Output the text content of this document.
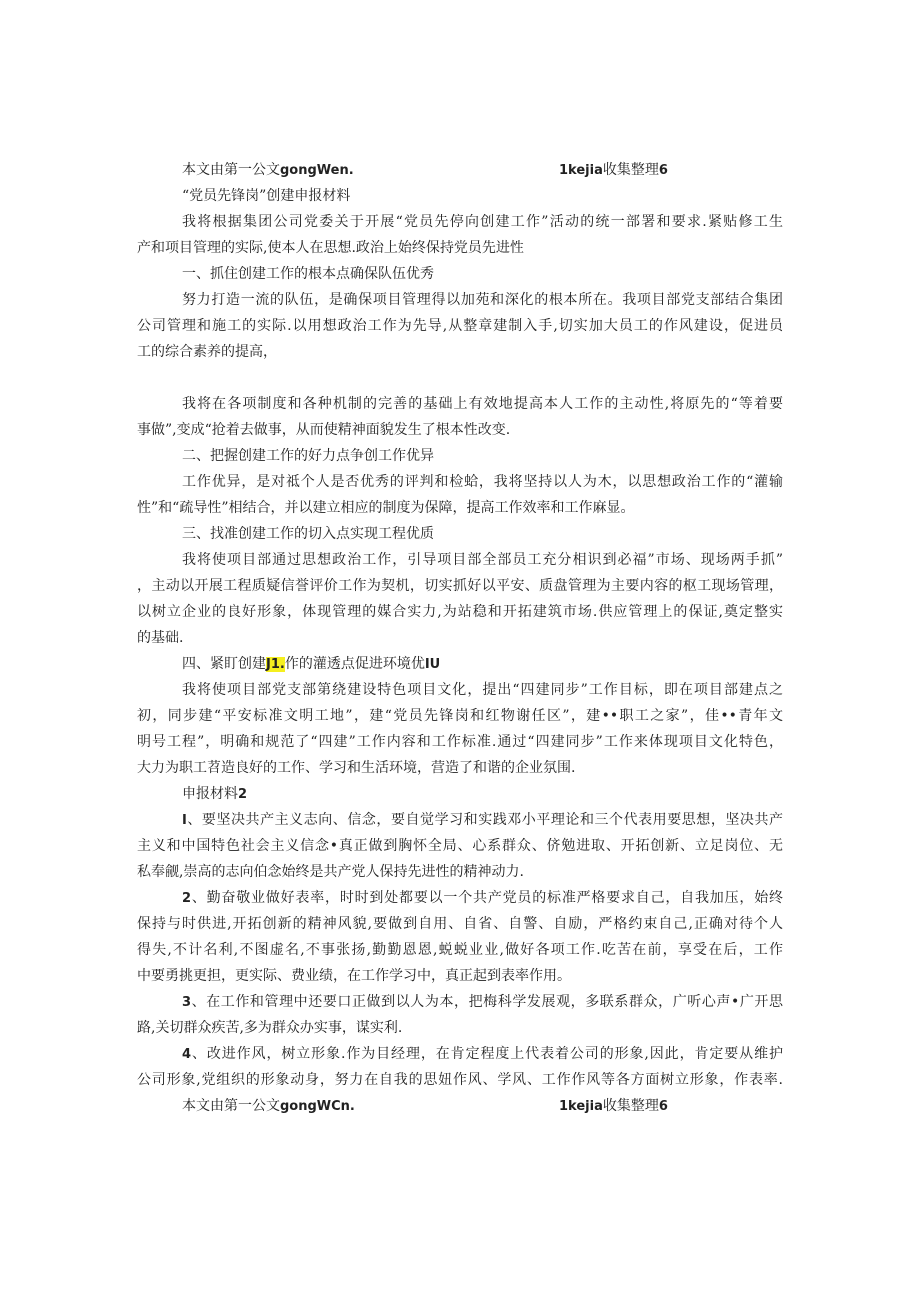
本文由第一公文gongWen.	1kejia收集整理6
“党员先锋岗”创建申报材料
我将根据集团公司党委关于开展“党员先停向创建工作”活动的统一部署和要求.紧贴修工生
产和项目管理的实际,使本人在思想.政治上始终保持党员先进性
一、抓住创建工作的根本点确保队伍优秀
努力打造一流的队伍，是确保项目管理得以加苑和深化的根本所在。我项目部党支部结合集团
公司管理和施工的实际.以用想政治工作为先导,从整章建制入手,切实加大员工的作风建设，促进员
工的综合素养的提高，
我将在各项制度和各种机制的完善的基础上有效地提高本人工作的主动性,将原先的“等着要
事做”,变成“抢着去做事，从而使精神面貌发生了根本性改变.
二、把握创建工作的好力点争创工作优异
工作优异，是对祗个人是否优秀的评判和检蛤，我将坚持以人为木，以思想政治工作的“灌输
性”和“疏导性”相结合，并以建立相应的制度为保障，提高工作效率和工作麻显。
三、找准创建工作的切入点实现工程优质
我将使项目部通过思想政治工作，引导项目部全部员工充分相识到必福”市场、现场两手抓”
，主动以开展工程质疑信誉评价工作为契机，切实抓好以平安、质盘管理为主要内容的枢工现场管理，
以树立企业的良好形象，体现管理的媒合实力,为站稳和开拓建筑市场.供应管理上的保证,奠定整实
的基础.
四、紧盯创建J1.作的灌透点促进环境优IU
我将使项目部党支部第绕建设特色项目文化，提出“四建同步”工作目标，即在项目部建点之
初，同步建“平安标准文明工地”，建“党员先锋岗和红物谢任区”，建••职工之家”，佳••青年文
明号工程”，明确和规范了“四建”工作内容和工作标准.通过“四建同步”工作来体现项目文化特色，
大力为职工苕造良好的工作、学习和生活环境，营造了和谐的企业氛围.
申报材料2
I、要坚决共产主义志向、信念，要自觉学习和实践邓小平理论和三个代表用要思想，坚决共产
主义和中国特色社会主义信念•真正做到胸怀全局、心系群众、侪勉进取、开拓创新、立足岗位、无
私奉觎,崇高的志向伯念始终是共产党人保持先进性的精神动力.
2、勤奋敬业做好表率，时时到处都要以一个共产党员的标准严格要求自己，自我加压，始终
保持与时供进,开拓创新的精神风貌,要做到自用、自省、自警、自励，严格约束自己,正确对待个人
得失,不计名利,不图虚名,不事张扬,勤勤恩恩,蜕蜕业业,做好各项工作.吃苦在前，享受在后，工作
中要勇挑更担，更实际、费业绩，在工作学习中，真正起到表率作用。
3、在工作和管理中还要口正做到以人为本，把梅科学发展观，多联系群众，广听心声•广开思
路,关切群众疾苦,多为群众办实事，谋实利.
4、改进作风，树立形象.作为目经理，在肯定程度上代表着公司的形象,因此，肯定要从维护
公司形象,党组织的形象动身，努力在自我的思妞作风、学风、工作作风等各方面树立形象，作表率.
本文由第一公文gongWCn.	1kejia收集整理6
